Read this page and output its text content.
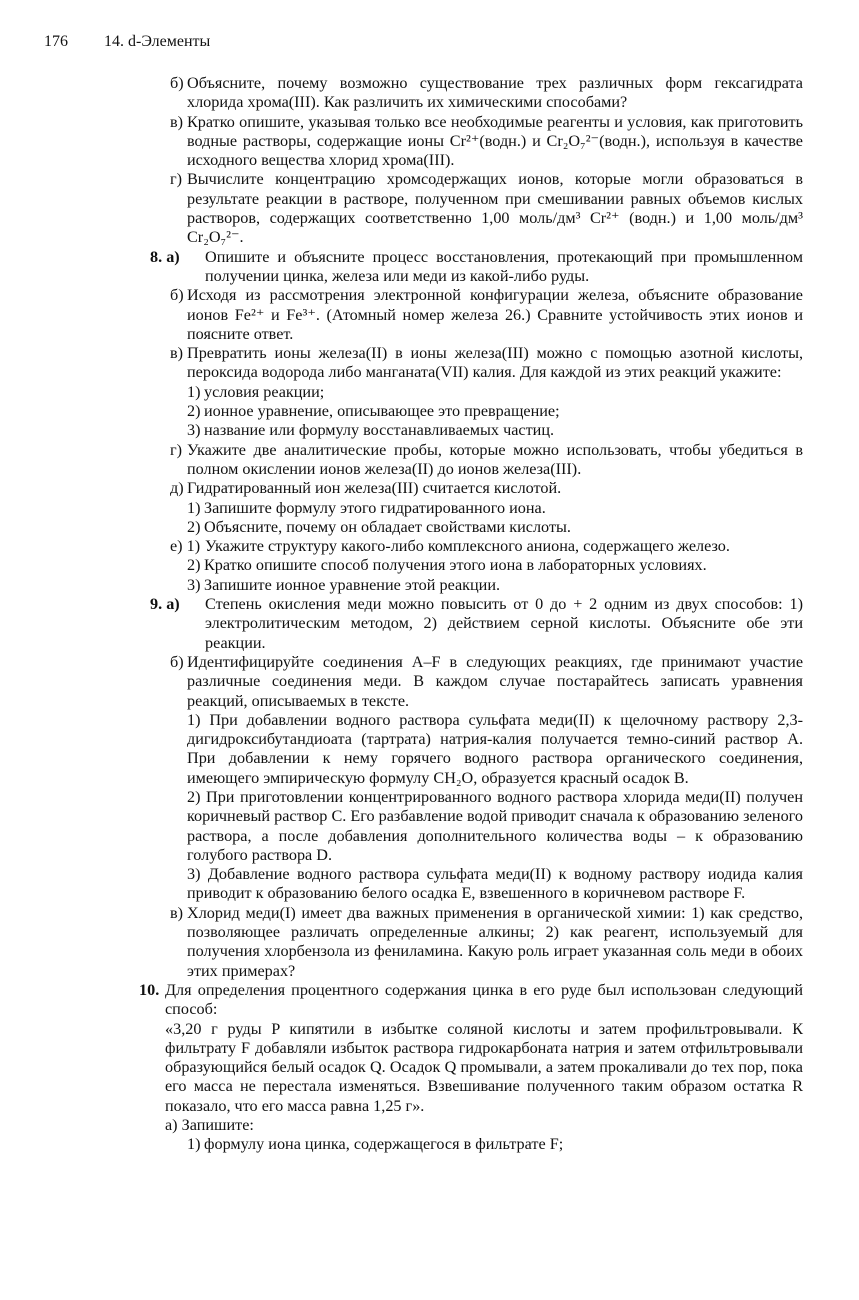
176 14. d-Элементы
б) Объясните, почему возможно существование трех различных форм гексагидрата хлорида хрома(III). Как различить их химическими способами?
в) Кратко опишите, указывая только все необходимые реагенты и условия, как приготовить водные растворы, содержащие ионы Cr²⁺(водн.) и Cr₂O₇²⁻(водн.), используя в качестве исходного вещества хлорид хрома(III).
г) Вычислите концентрацию хромсодержащих ионов, которые могли образоваться в результате реакции в растворе, полученном при смешивании равных объемов кислых растворов, содержащих соответственно 1,00 моль/дм³ Cr²⁺ (водн.) и 1,00 моль/дм³ Cr₂O₇²⁻.
8. а)	Опишите и объясните процесс восстановления, протекающий при промышленном получении цинка, железа или меди из какой-либо руды.
б) Исходя из рассмотрения электронной конфигурации железа, объясните образование ионов Fe²⁺ и Fe³⁺. (Атомный номер железа 26.) Сравните устойчивость этих ионов и поясните ответ.
в) Превратить ионы железа(II) в ионы железа(III) можно с помощью азотной кислоты, пероксида водорода либо манганата(VII) калия. Для каждой из этих реакций укажите:
1) условия реакции;
2) ионное уравнение, описывающее это превращение;
3) название или формулу восстанавливаемых частиц.
г) Укажите две аналитические пробы, которые можно использовать, чтобы убедиться в полном окислении ионов железа(II) до ионов железа(III).
д) Гидратированный ион железа(III) считается кислотой.
1) Запишите формулу этого гидратированного иона.
2) Объясните, почему он обладает свойствами кислоты.
е) 1) Укажите структуру какого-либо комплексного аниона, содержащего железо.
2) Кратко опишите способ получения этого иона в лабораторных условиях.
3) Запишите ионное уравнение этой реакции.
9. а)	Степень окисления меди можно повысить от 0 до + 2 одним из двух способов: 1) электролитическим методом, 2) действием серной кислоты. Объясните обе эти реакции.
б) Идентифицируйте соединения A–F в следующих реакциях, где принимают участие различные соединения меди. В каждом случае постарайтесь записать уравнения реакций, описываемых в тексте.
1) При добавлении водного раствора сульфата меди(II) к щелочному раствору 2,3-дигидроксибутандиоата (тартрата) натрия-калия получается темно-синий раствор A. При добавлении к нему горячего водного раствора органического соединения, имеющего эмпирическую формулу CH₂O, образуется красный осадок B.
2) При приготовлении концентрированного водного раствора хлорида меди(II) получен коричневый раствор C. Его разбавление водой приводит сначала к образованию зеленого раствора, а после добавления дополнительного количества воды – к образованию голубого раствора D.
3) Добавление водного раствора сульфата меди(II) к водному раствору иодида калия приводит к образованию белого осадка E, взвешенного в коричневом растворе F.
в) Хлорид меди(I) имеет два важных применения в органической химии: 1) как средство, позволяющее различать определенные алкины; 2) как реагент, используемый для получения хлорбензола из фениламина. Какую роль играет указанная соль меди в обоих этих примерах?
10. Для определения процентного содержания цинка в его руде был использован следующий способ:
«3,20 г руды P кипятили в избытке соляной кислоты и затем профильтровывали. К фильтрату F добавляли избыток раствора гидрокарбоната натрия и затем отфильтровывали образующийся белый осадок Q. Осадок Q промывали, а затем прокаливали до тех пор, пока его масса не перестала изменяться. Взвешивание полученного таким образом остатка R показало, что его масса равна 1,25 г».
а) Запишите:
1) формулу иона цинка, содержащегося в фильтрате F;
